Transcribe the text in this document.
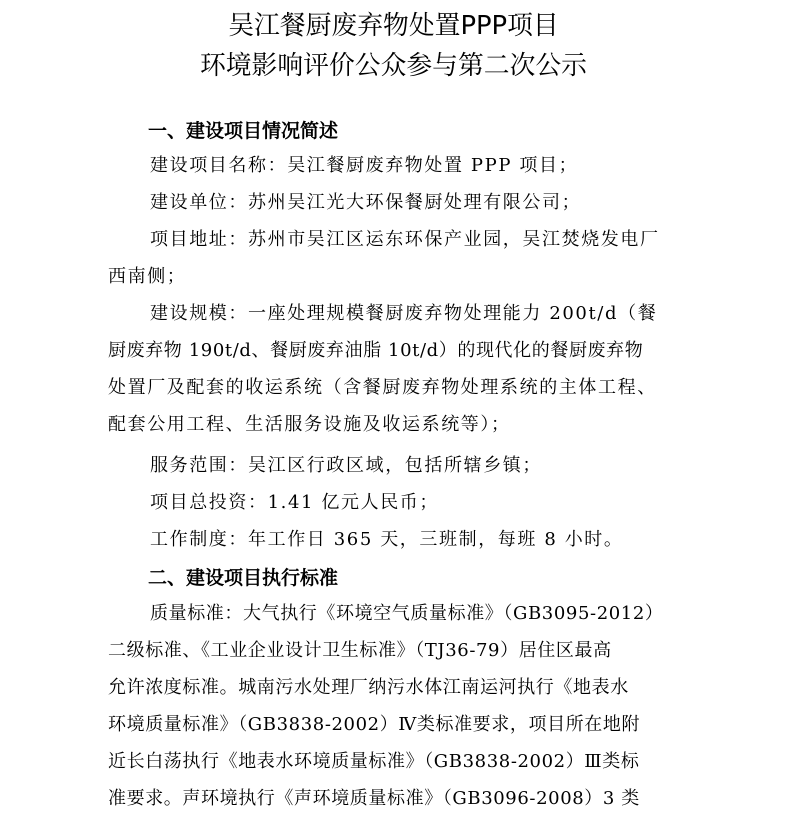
吴江餐厨废弃物处置PPP项目
环境影响评价公众参与第二次公示
一、建设项目情况简述
建设项目名称：吴江餐厨废弃物处置 PPP 项目；
建设单位：苏州吴江光大环保餐厨处理有限公司；
项目地址：苏州市吴江区运东环保产业园，吴江焚烧发电厂
西南侧；
建设规模：一座处理规模餐厨废弃物处理能力 200t/d（餐
厨废弃物 190t/d、餐厨废弃油脂 10t/d）的现代化的餐厨废弃物
处置厂及配套的收运系统（含餐厨废弃物处理系统的主体工程、
配套公用工程、生活服务设施及收运系统等）；
服务范围：吴江区行政区域，包括所辖乡镇；
项目总投资：1.41 亿元人民币；
工作制度：年工作日 365 天，三班制，每班 8 小时。
二、建设项目执行标准
质量标准：大气执行《环境空气质量标准》（GB3095-2012）
二级标准、《工业企业设计卫生标准》（TJ36-79）居住区最高
允许浓度标准。城南污水处理厂纳污水体江南运河执行《地表水
环境质量标准》（GB3838-2002）Ⅳ类标准要求，项目所在地附
近长白荡执行《地表水环境质量标准》（GB3838-2002）Ⅲ类标
准要求。声环境执行《声环境质量标准》（GB3096-2008）3 类
